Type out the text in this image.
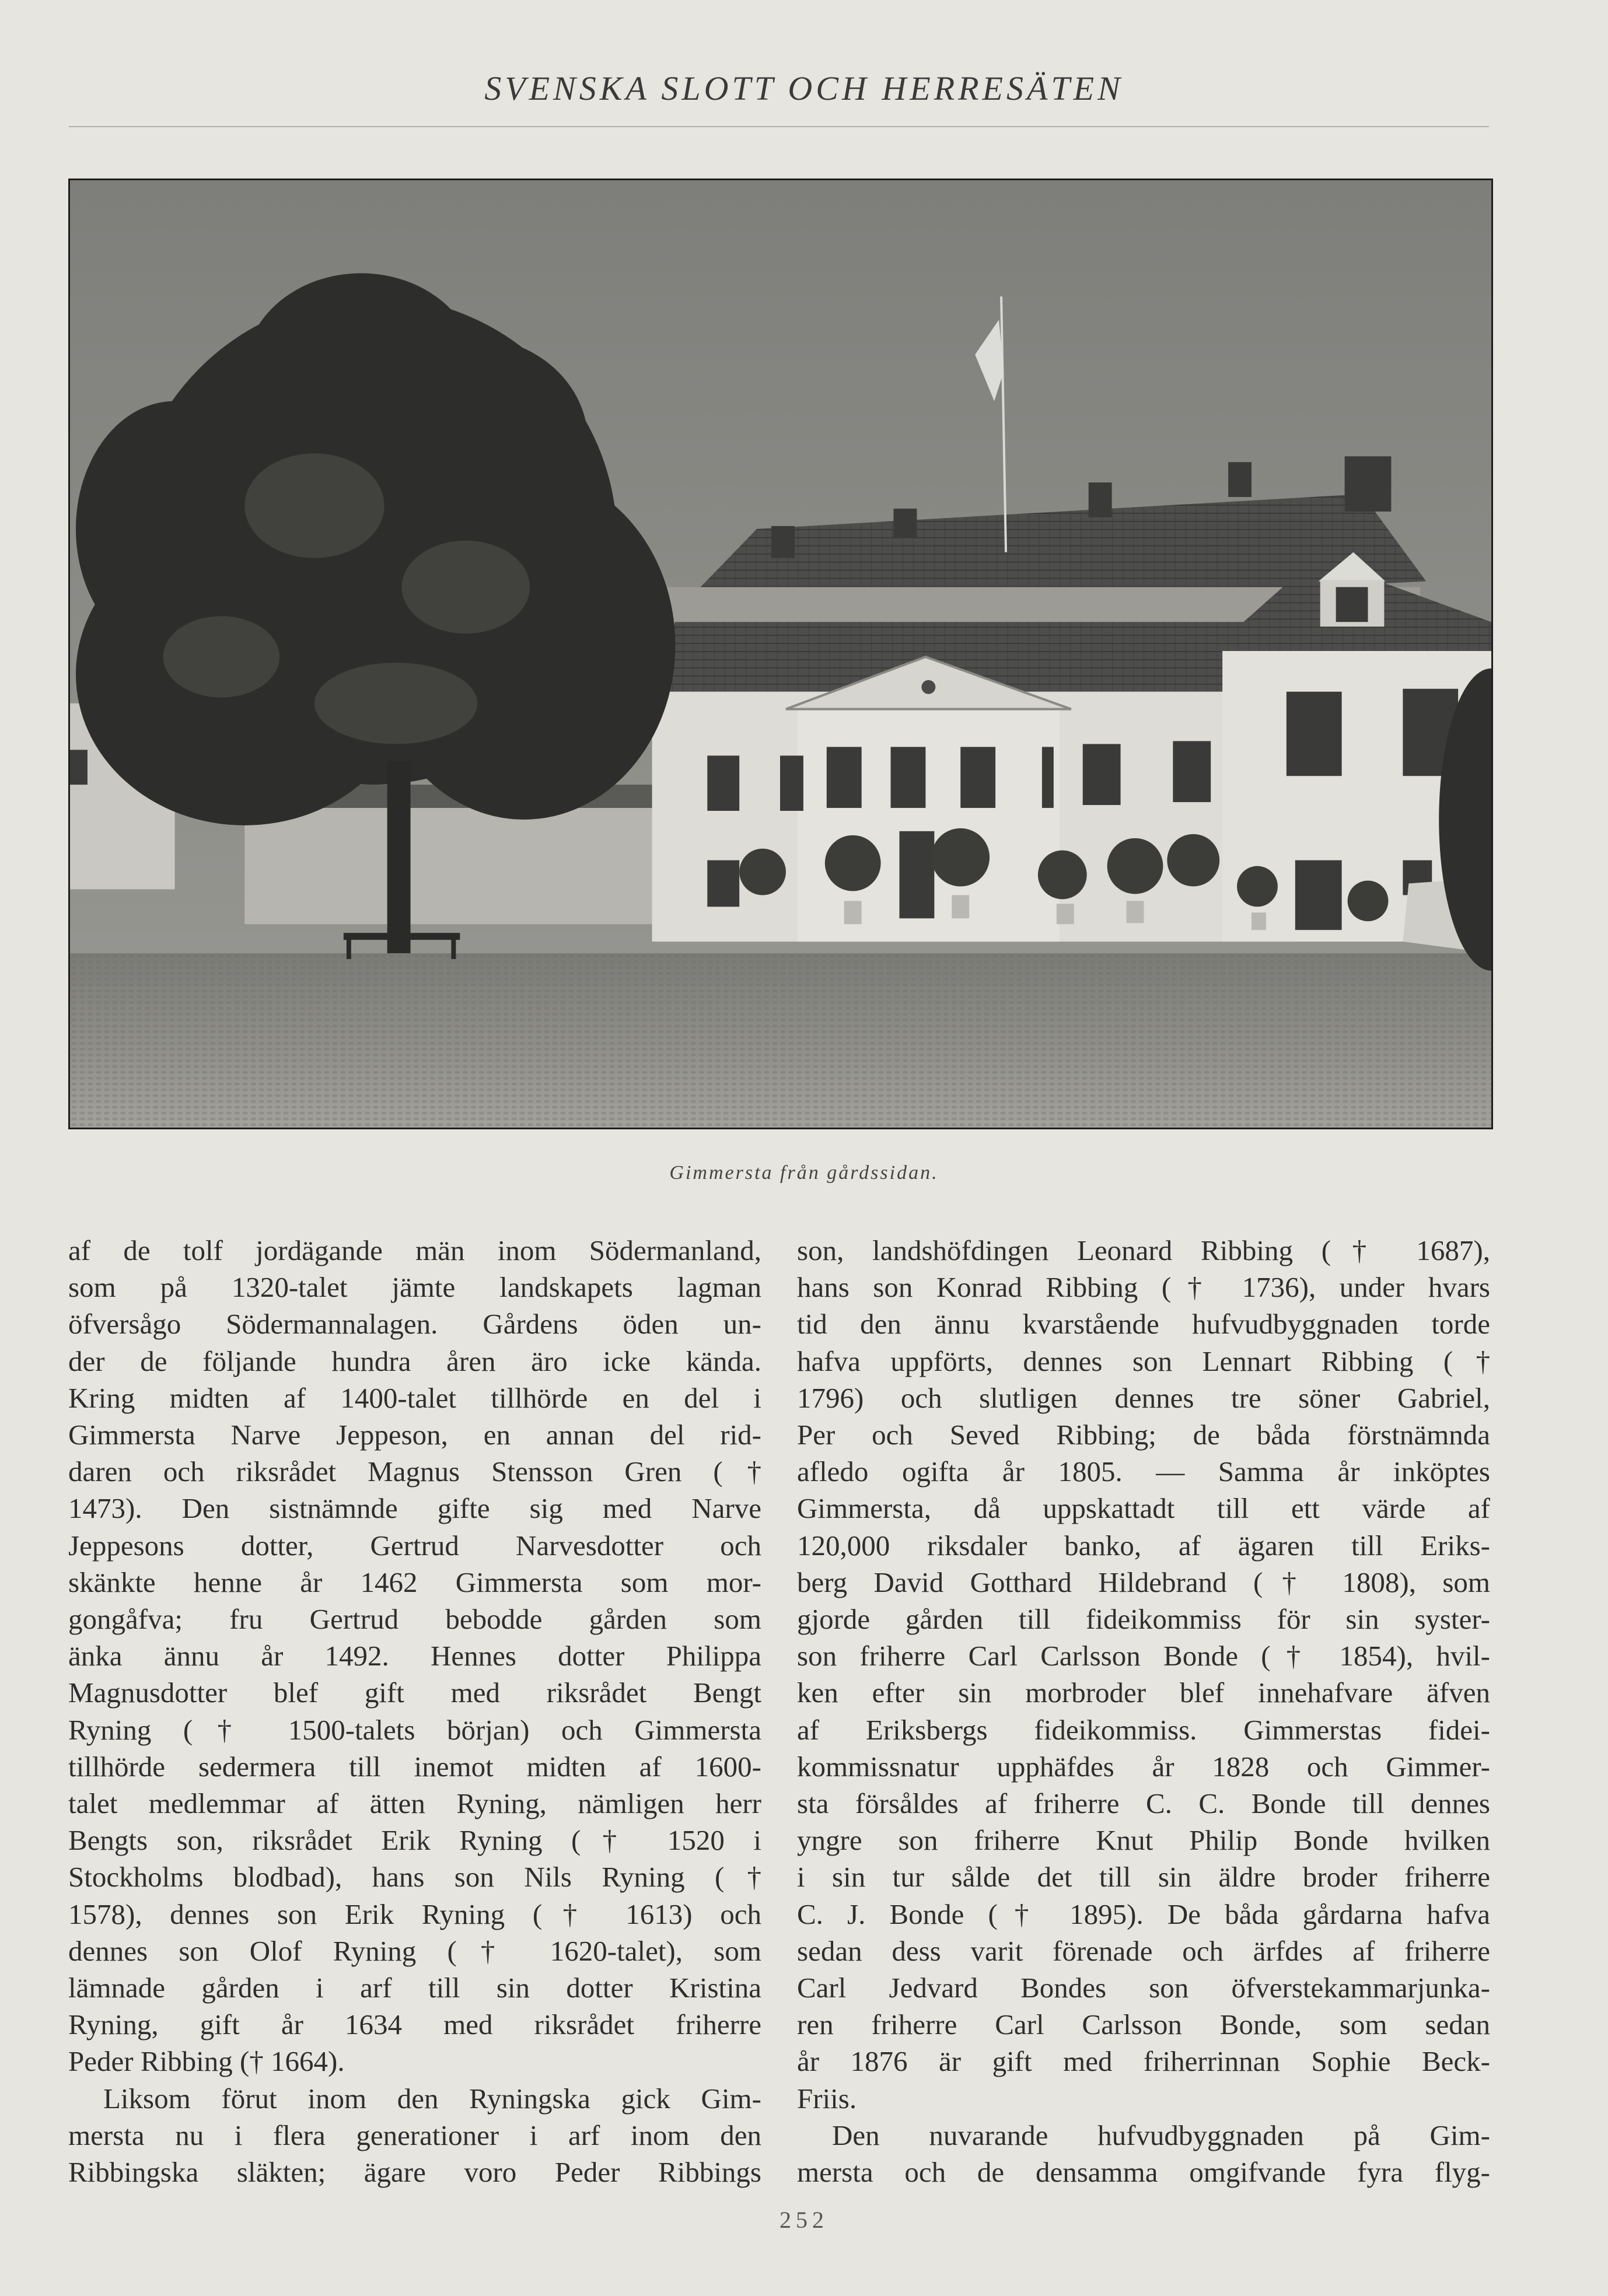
SVENSKA SLOTT OCH HERRESÄTEN
Gimmersta från gårdssidan.
af de tolf jordägande män inom Södermanland,
som på 1320-talet jämte landskapets lagman
öfversågo Södermannalagen. Gårdens öden un-
der de följande hundra åren äro icke kända.
Kring midten af 1400-talet tillhörde en del i
Gimmersta Narve Jeppeson, en annan del rid-
daren och riksrådet Magnus Stensson Gren (†
1473). Den sistnämnde gifte sig med Narve
Jeppesons dotter, Gertrud Narvesdotter och
skänkte henne år 1462 Gimmersta som mor-
gongåfva; fru Gertrud bebodde gården som
änka ännu år 1492. Hennes dotter Philippa
Magnusdotter blef gift med riksrådet Bengt
Ryning († 1500-talets början) och Gimmersta
tillhörde sedermera till inemot midten af 1600-
talet medlemmar af ätten Ryning, nämligen herr
Bengts son, riksrådet Erik Ryning († 1520 i
Stockholms blodbad), hans son Nils Ryning (†
1578), dennes son Erik Ryning († 1613) och
dennes son Olof Ryning († 1620-talet), som
lämnade gården i arf till sin dotter Kristina
Ryning, gift år 1634 med riksrådet friherre
Peder Ribbing († 1664).
Liksom förut inom den Ryningska gick Gim-
mersta nu i flera generationer i arf inom den
Ribbingska släkten; ägare voro Peder Ribbings
son, landshöfdingen Leonard Ribbing († 1687),
hans son Konrad Ribbing († 1736), under hvars
tid den ännu kvarstående hufvudbyggnaden torde
hafva uppförts, dennes son Lennart Ribbing (†
1796) och slutligen dennes tre söner Gabriel,
Per och Seved Ribbing; de båda förstnämnda
afledo ogifta år 1805. — Samma år inköptes
Gimmersta, då uppskattadt till ett värde af
120,000 riksdaler banko, af ägaren till Eriks-
berg David Gotthard Hildebrand († 1808), som
gjorde gården till fideikommiss för sin syster-
son friherre Carl Carlsson Bonde († 1854), hvil-
ken efter sin morbroder blef innehafvare äfven
af Eriksbergs fideikommiss. Gimmerstas fidei-
kommissnatur upphäfdes år 1828 och Gimmer-
sta försåldes af friherre C. C. Bonde till dennes
yngre son friherre Knut Philip Bonde hvilken
i sin tur sålde det till sin äldre broder friherre
C. J. Bonde († 1895). De båda gårdarna hafva
sedan dess varit förenade och ärfdes af friherre
Carl Jedvard Bondes son öfverstekammarjunka-
ren friherre Carl Carlsson Bonde, som sedan
år 1876 är gift med friherrinnan Sophie Beck-
Friis.
Den nuvarande hufvudbyggnaden på Gim-
mersta och de densamma omgifvande fyra flyg-
252
